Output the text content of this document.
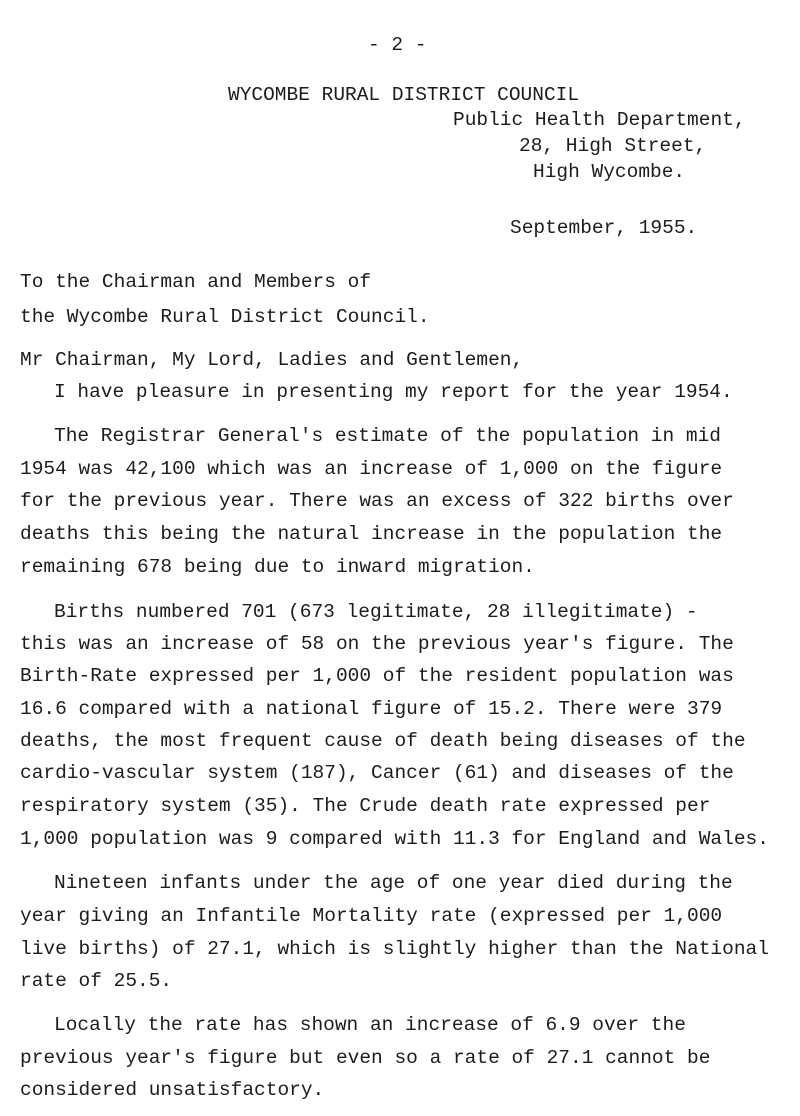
- 2 -
WYCOMBE RURAL DISTRICT COUNCIL
Public Health Department,
28, High Street,
High Wycombe.
September, 1955.
To the Chairman and Members of
the Wycombe Rural District Council.
Mr Chairman, My Lord, Ladies and Gentlemen,
I have pleasure in presenting my report for the year 1954.
The Registrar General's estimate of the population in mid
1954 was 42,100 which was an increase of 1,000 on the figure
for the previous year. There was an excess of 322 births over
deaths this being the natural increase in the population the
remaining 678 being due to inward migration.
Births numbered 701 (673 legitimate, 28 illegitimate) -
this was an increase of 58 on the previous year's figure. The
Birth-Rate expressed per 1,000 of the resident population was
16.6 compared with a national figure of 15.2. There were 379
deaths, the most frequent cause of death being diseases of the
cardio-vascular system (187), Cancer (61) and diseases of the
respiratory system (35). The Crude death rate expressed per
1,000 population was 9 compared with 11.3 for England and Wales.
Nineteen infants under the age of one year died during the
year giving an Infantile Mortality rate (expressed per 1,000
live births) of 27.1, which is slightly higher than the National
rate of 25.5.
Locally the rate has shown an increase of 6.9 over the
previous year's figure but even so a rate of 27.1 cannot be
considered unsatisfactory.
